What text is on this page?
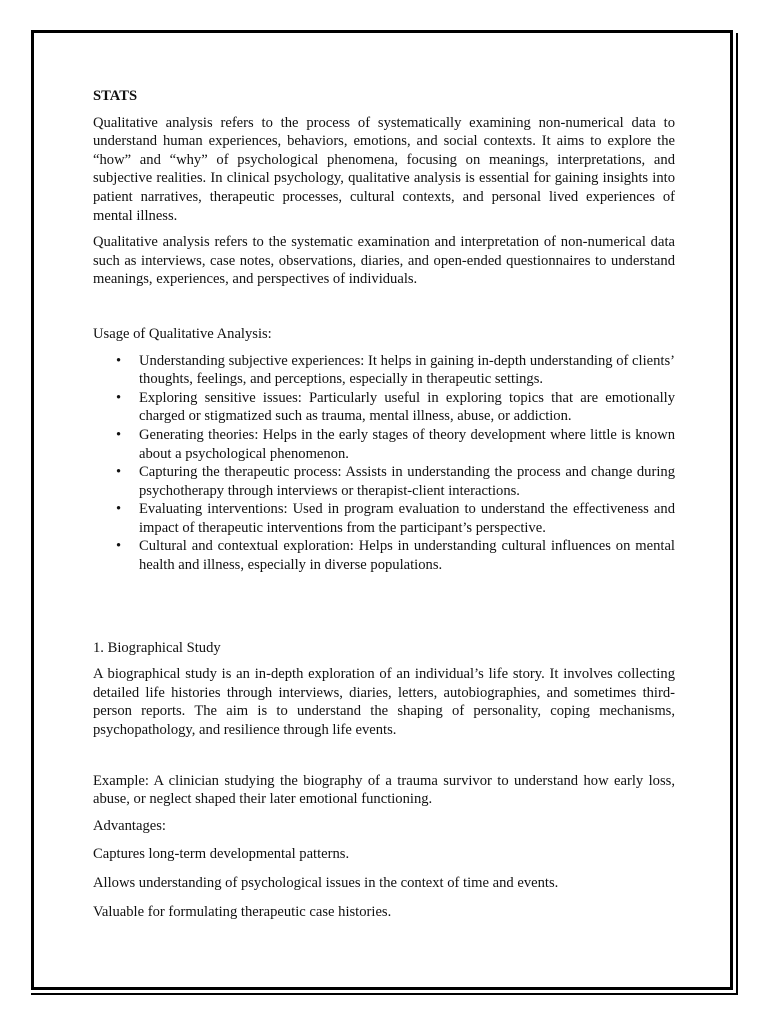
STATS

Qualitative analysis refers to the process of systematically examining non-numerical data to understand human experiences, behaviors, emotions, and social contexts. It aims to explore the “how” and “why” of psychological phenomena, focusing on meanings, interpretations, and subjective realities. In clinical psychology, qualitative analysis is essential for gaining insights into patient narratives, therapeutic processes, cultural contexts, and personal lived experiences of mental illness.

Qualitative analysis refers to the systematic examination and interpretation of non-numerical data such as interviews, case notes, observations, diaries, and open-ended questionnaires to understand meanings, experiences, and perspectives of individuals.

Usage of Qualitative Analysis:

• Understanding subjective experiences: It helps in gaining in-depth understanding of clients’ thoughts, feelings, and perceptions, especially in therapeutic settings.
• Exploring sensitive issues: Particularly useful in exploring topics that are emotionally charged or stigmatized such as trauma, mental illness, abuse, or addiction.
• Generating theories: Helps in the early stages of theory development where little is known about a psychological phenomenon.
• Capturing the therapeutic process: Assists in understanding the process and change during psychotherapy through interviews or therapist-client interactions.
• Evaluating interventions: Used in program evaluation to understand the effectiveness and impact of therapeutic interventions from the participant’s perspective.
• Cultural and contextual exploration: Helps in understanding cultural influences on mental health and illness, especially in diverse populations.

1. Biographical Study

A biographical study is an in-depth exploration of an individual’s life story. It involves collecting detailed life histories through interviews, diaries, letters, autobiographies, and sometimes third-person reports. The aim is to understand the shaping of personality, coping mechanisms, psychopathology, and resilience through life events.

Example: A clinician studying the biography of a trauma survivor to understand how early loss, abuse, or neglect shaped their later emotional functioning.

Advantages:

Captures long-term developmental patterns.

Allows understanding of psychological issues in the context of time and events.

Valuable for formulating therapeutic case histories.
